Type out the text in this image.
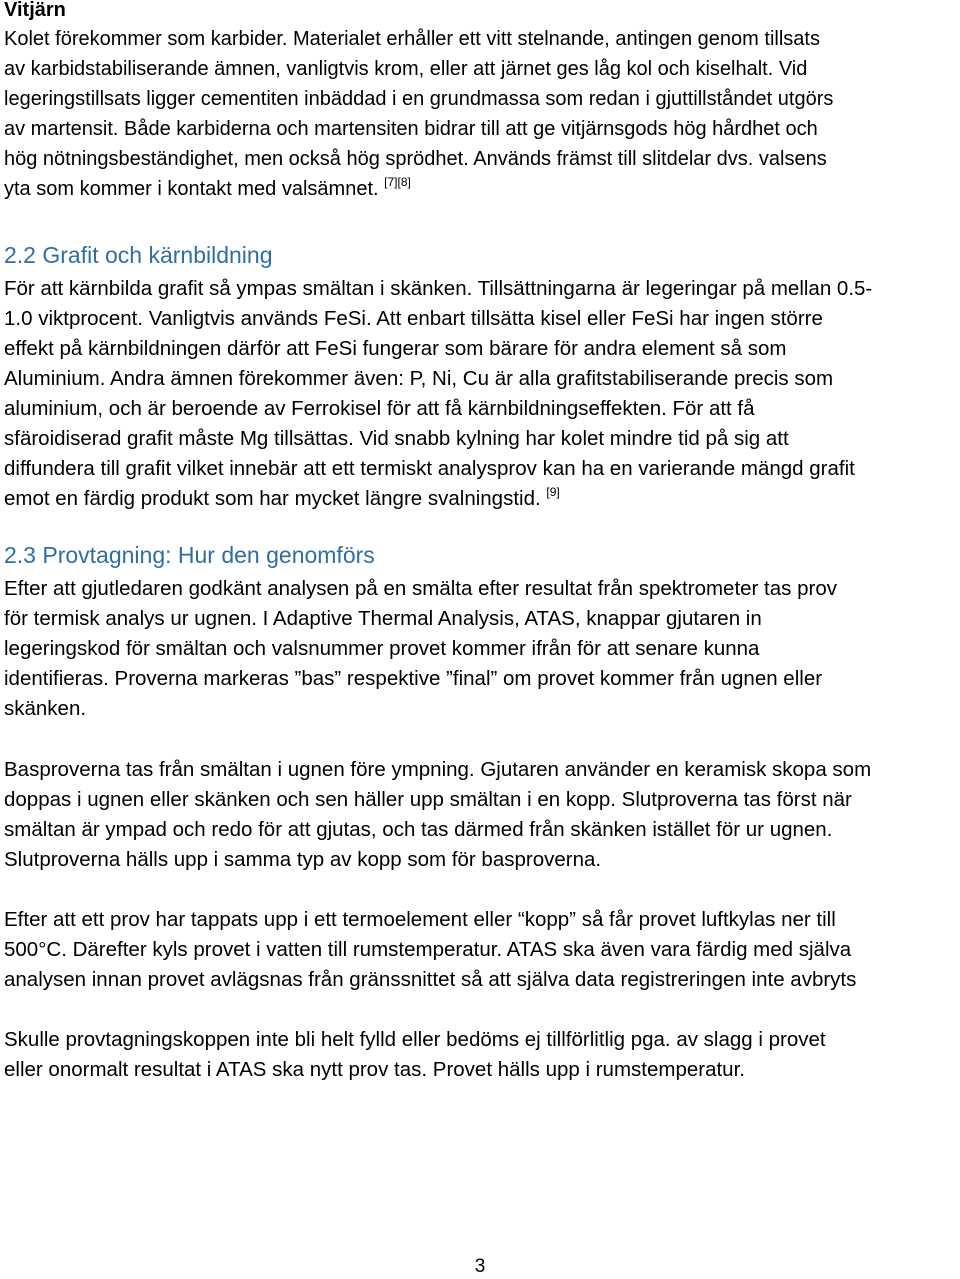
Vitjärn
Kolet förekommer som karbider. Materialet erhåller ett vitt stelnande, antingen genom tillsats
av karbidstabiliserande ämnen, vanligtvis krom, eller att järnet ges låg kol och kiselhalt. Vid
legeringstillsats ligger cementiten inbäddad i en grundmassa som redan i gjuttillståndet utgörs
av martensit. Både karbiderna och martensiten bidrar till att ge vitjärnsgods hög hårdhet och
hög nötningsbeständighet, men också hög sprödhet. Används främst till slitdelar dvs. valsens
yta som kommer i kontakt med valsämnet. [7][8]
2.2 Grafit och kärnbildning
För att kärnbilda grafit så ympas smältan i skänken. Tillsättningarna är legeringar på mellan 0.5-
1.0 viktprocent. Vanligtvis används FeSi. Att enbart tillsätta kisel eller FeSi har ingen större
effekt på kärnbildningen därför att FeSi fungerar som bärare för andra element så som
Aluminium. Andra ämnen förekommer även: P, Ni, Cu är alla grafitstabiliserande precis som
aluminium, och är beroende av Ferrokisel för att få kärnbildningseffekten. För att få
sfäroidiserad grafit måste Mg tillsättas. Vid snabb kylning har kolet mindre tid på sig att
diffundera till grafit vilket innebär att ett termiskt analysprov kan ha en varierande mängd grafit
emot en färdig produkt som har mycket längre svalningstid. [9]
2.3 Provtagning: Hur den genomförs
Efter att gjutledaren godkänt analysen på en smälta efter resultat från spektrometer tas prov
för termisk analys ur ugnen. I Adaptive Thermal Analysis, ATAS, knappar gjutaren in
legeringskod för smältan och valsnummer provet kommer ifrån för att senare kunna
identifieras. Proverna markeras ”bas” respektive ”final” om provet kommer från ugnen eller
skänken.
Basproverna tas från smältan i ugnen före ympning. Gjutaren använder en keramisk skopa som
doppas i ugnen eller skänken och sen häller upp smältan i en kopp. Slutproverna tas först när
smältan är ympad och redo för att gjutas, och tas därmed från skänken istället för ur ugnen.
Slutproverna hälls upp i samma typ av kopp som för basproverna.
Efter att ett prov har tappats upp i ett termoelement eller “kopp” så får provet luftkylas ner till
500°C. Därefter kyls provet i vatten till rumstemperatur. ATAS ska även vara färdig med själva
analysen innan provet avlägsnas från gränssnittet så att själva data registreringen inte avbryts
Skulle provtagningskoppen inte bli helt fylld eller bedöms ej tillförlitlig pga. av slagg i provet
eller onormalt resultat i ATAS ska nytt prov tas. Provet hälls upp i rumstemperatur.
3
